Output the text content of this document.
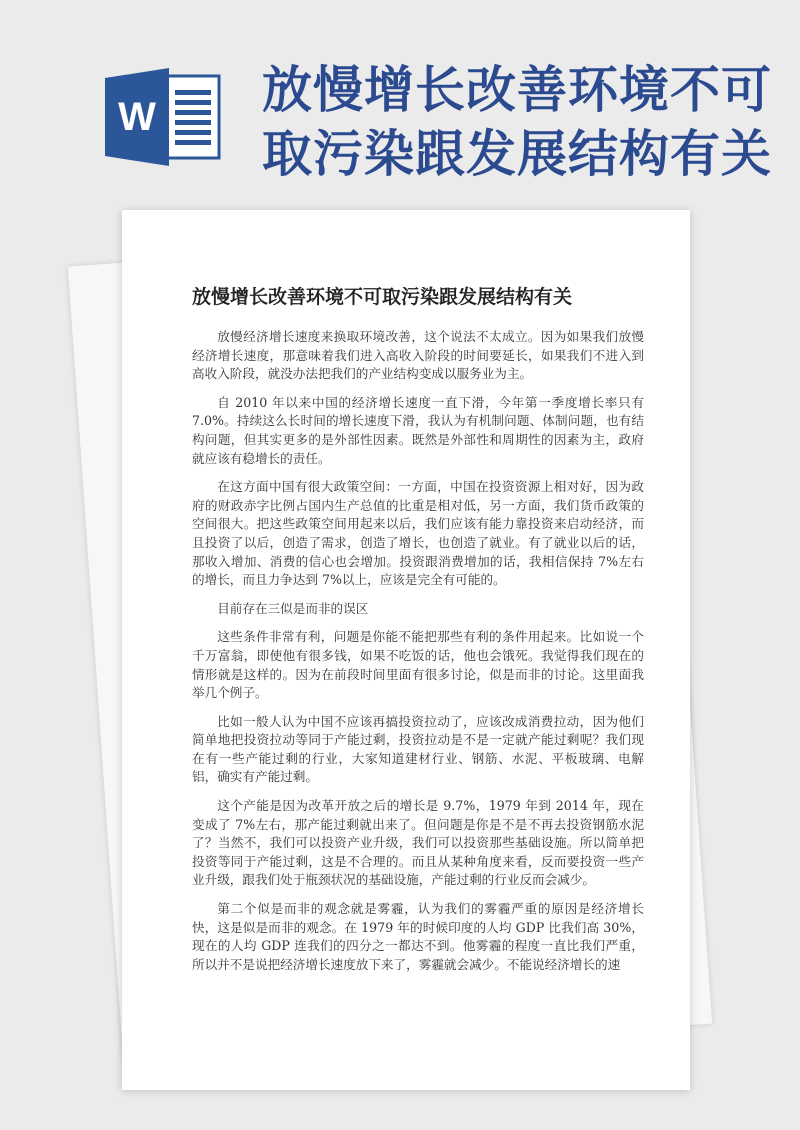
W 放慢增长改善环境不可
取污染跟发展结构有关
放慢增长改善环境不可取污染跟发展结构有关

放慢经济增长速度来换取环境改善，这个说法不太成立。因为如果我们放慢经济增长速度，那意味着我们进入高收入阶段的时间要延长，如果我们不进入到高收入阶段，就没办法把我们的产业结构变成以服务业为主。

自 2010 年以来中国的经济增长速度一直下滑，今年第一季度增长率只有 7.0%。持续这么长时间的增长速度下滑，我认为有机制问题、体制问题，也有结构问题，但其实更多的是外部性因素。既然是外部性和周期性的因素为主，政府就应该有稳增长的责任。

在这方面中国有很大政策空间：一方面，中国在投资资源上相对好，因为政府的财政赤字比例占国内生产总值的比重是相对低，另一方面，我们货币政策的空间很大。把这些政策空间用起来以后，我们应该有能力靠投资来启动经济，而且投资了以后，创造了需求，创造了增长，也创造了就业。有了就业以后的话，那收入增加、消费的信心也会增加。投资跟消费增加的话，我相信保持 7%左右的增长，而且力争达到 7%以上，应该是完全有可能的。

目前存在三似是而非的误区

这些条件非常有利，问题是你能不能把那些有利的条件用起来。比如说一个千万富翁，即使他有很多钱，如果不吃饭的话，他也会饿死。我觉得我们现在的情形就是这样的。因为在前段时间里面有很多讨论，似是而非的讨论。这里面我举几个例子。

比如一般人认为中国不应该再搞投资拉动了，应该改成消费拉动，因为他们简单地把投资拉动等同于产能过剩，投资拉动是不是一定就产能过剩呢？我们现在有一些产能过剩的行业，大家知道建材行业、钢筋、水泥、平板玻璃、电解铝，确实有产能过剩。

这个产能是因为改革开放之后的增长是 9.7%，1979 年到 2014 年，现在变成了 7%左右，那产能过剩就出来了。但问题是你是不是不再去投资钢筋水泥了？当然不，我们可以投资产业升级，我们可以投资那些基础设施。所以简单把投资等同于产能过剩，这是不合理的。而且从某种角度来看，反而要投资一些产业升级，跟我们处于瓶颈状况的基础设施，产能过剩的行业反而会减少。

第二个似是而非的观念就是雾霾，认为我们的雾霾严重的原因是经济增长快，这是似是而非的观念。在 1979 年的时候印度的人均 GDP 比我们高 30%，现在的人均 GDP 连我们的四分之一都达不到。他雾霾的程度一直比我们严重，所以并不是说把经济增长速度放下来了，雾霾就会减少。不能说经济增长的速
